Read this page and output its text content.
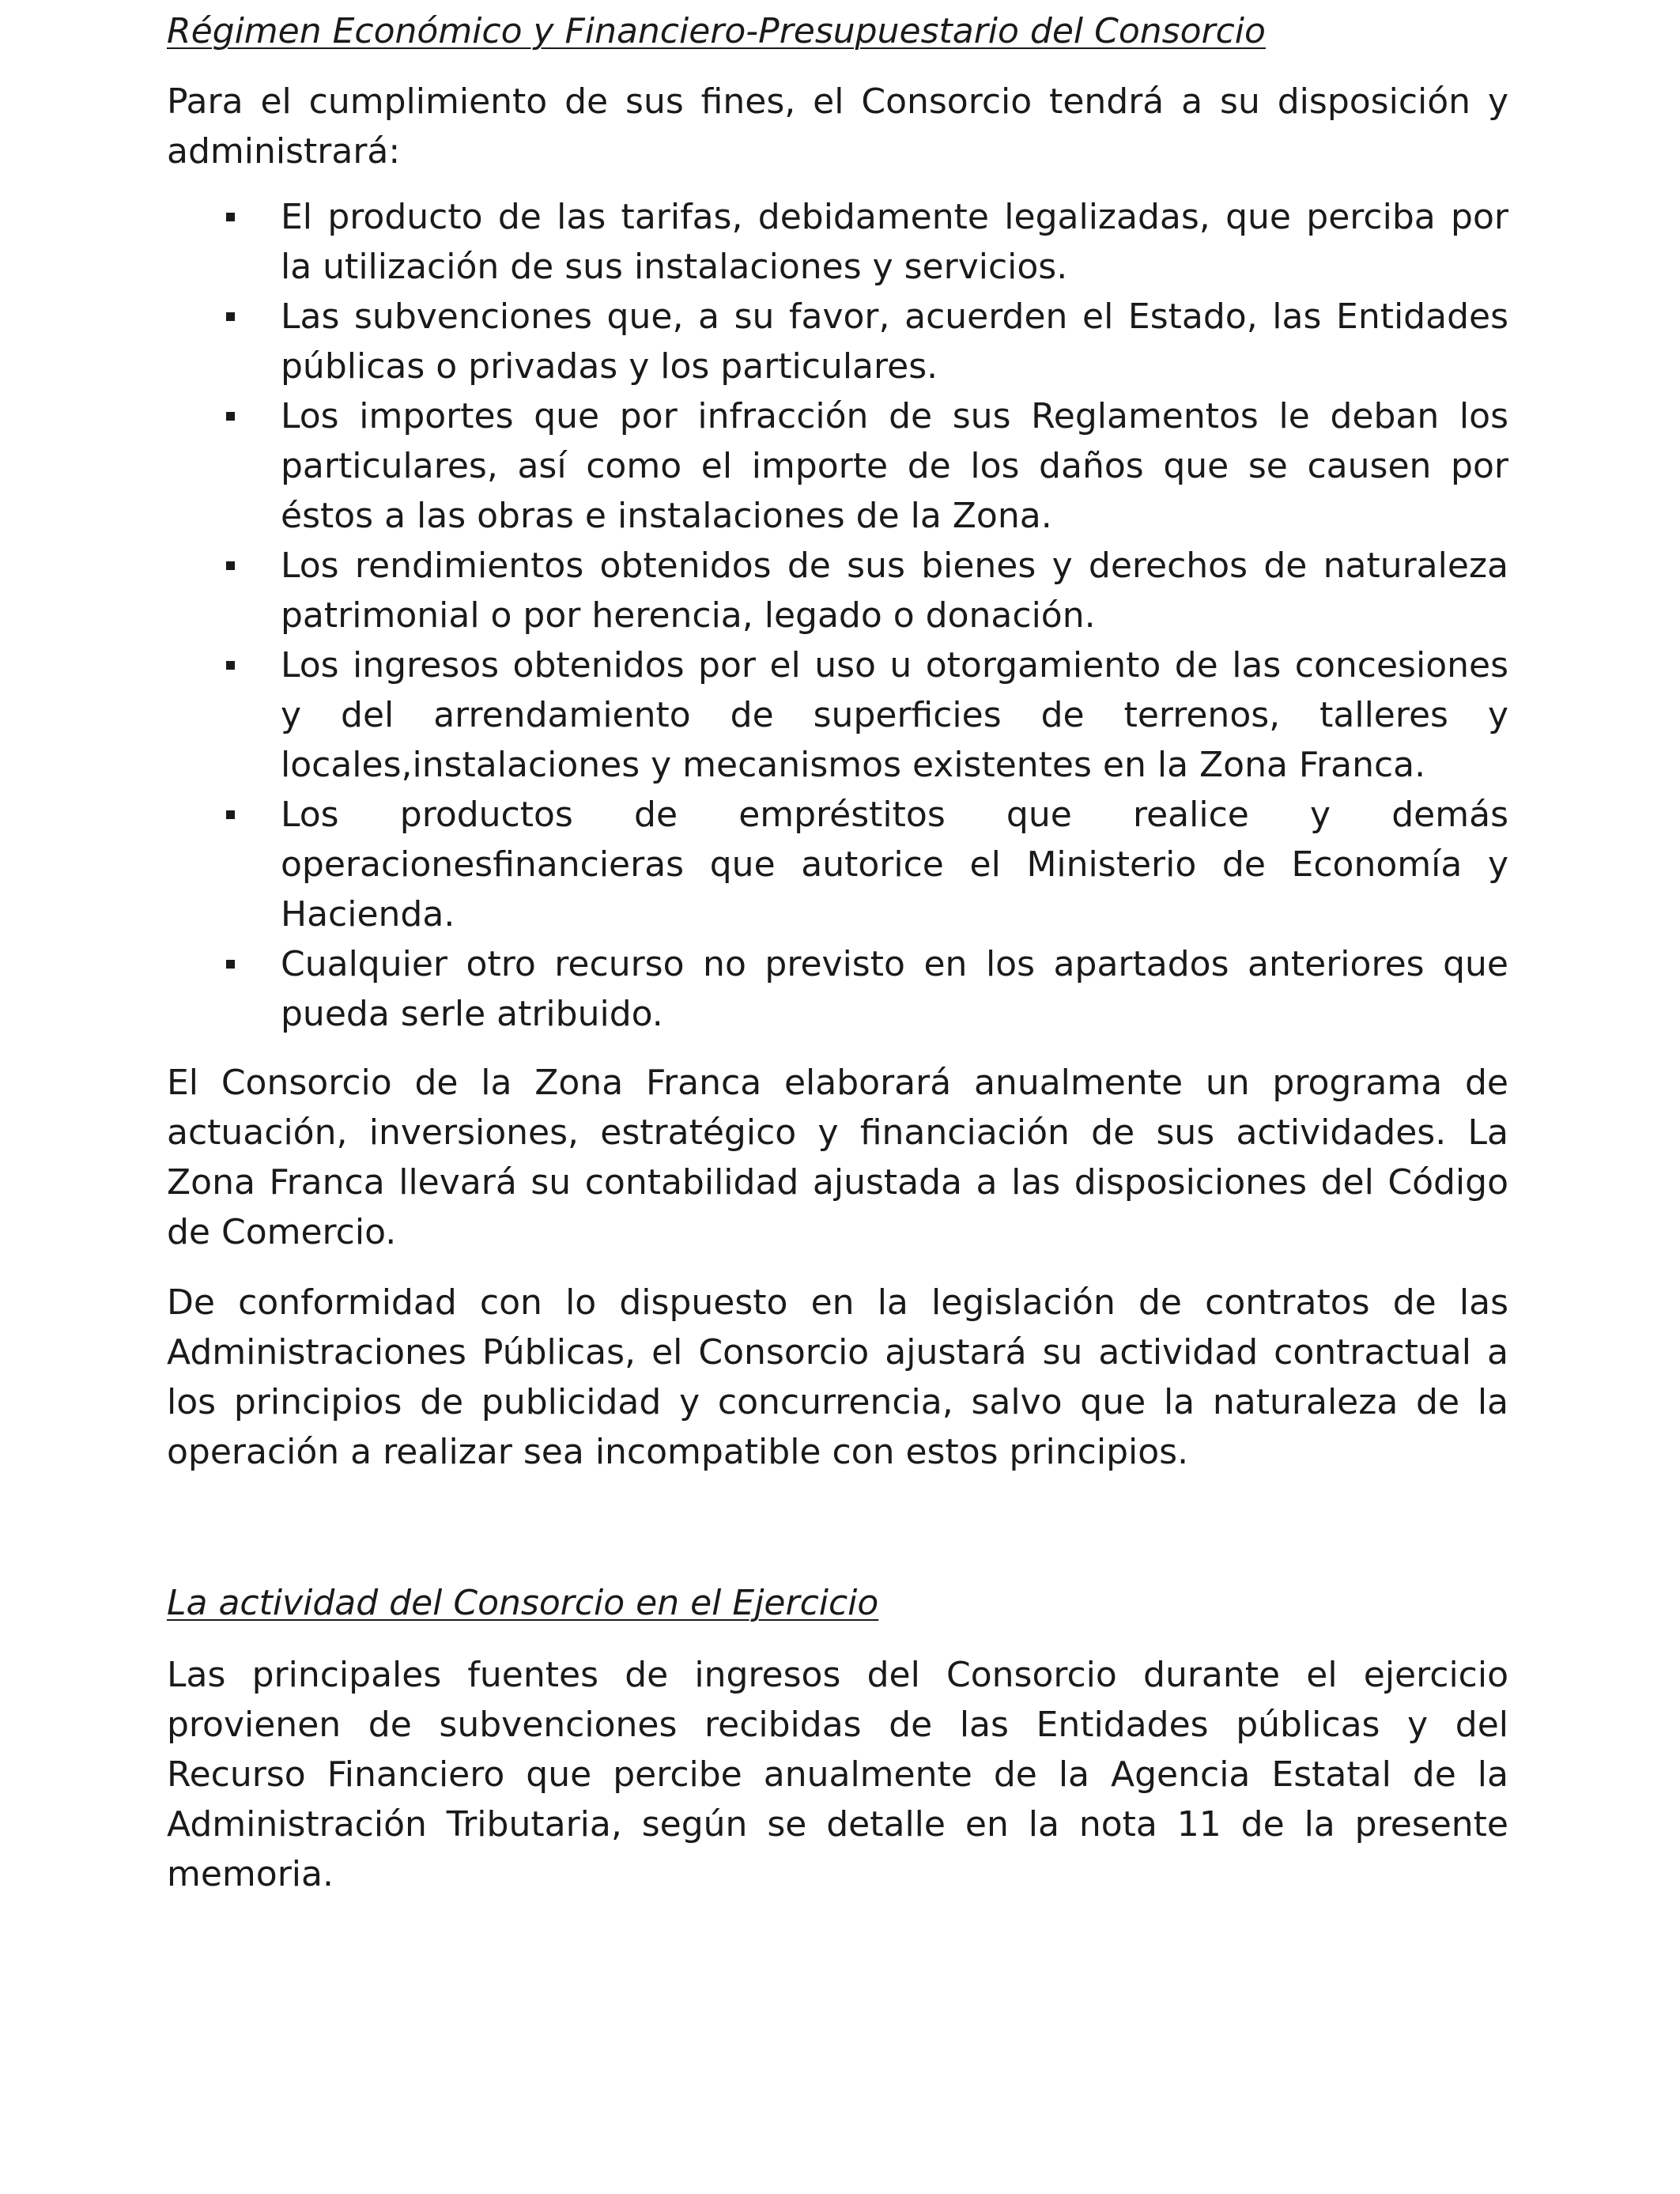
Régimen Económico y Financiero-Presupuestario del Consorcio

Para el cumplimiento de sus fines, el Consorcio tendrá a su disposición y administrará:

El producto de las tarifas, debidamente legalizadas, que perciba por la utilización de sus instalaciones y servicios.
Las subvenciones que, a su favor, acuerden el Estado, las Entidades públicas o privadas y los particulares.
Los importes que por infracción de sus Reglamentos le deban los particulares, así como el importe de los daños que se causen por éstos a las obras e instalaciones de la Zona.
Los rendimientos obtenidos de sus bienes y derechos de naturaleza patrimonial o por herencia, legado o donación.
Los ingresos obtenidos por el uso u otorgamiento de las concesiones y del arrendamiento de superficies de terrenos, talleres y locales,instalaciones y mecanismos existentes en la Zona Franca.
Los productos de empréstitos que realice y demás operacionesfinancieras que autorice el Ministerio de Economía y Hacienda.
Cualquier otro recurso no previsto en los apartados anteriores que pueda serle atribuido.

El Consorcio de la Zona Franca elaborará anualmente un programa de actuación, inversiones, estratégico y financiación de sus actividades. La Zona Franca llevará su contabilidad ajustada a las disposiciones del Código de Comercio.

De conformidad con lo dispuesto en la legislación de contratos de las Administraciones Públicas, el Consorcio ajustará su actividad contractual a los principios de publicidad y concurrencia, salvo que la naturaleza de la operación a realizar sea incompatible con estos principios.

La actividad del Consorcio en el Ejercicio

Las principales fuentes de ingresos del Consorcio durante el ejercicio provienen de subvenciones recibidas de las Entidades públicas y del Recurso Financiero que percibe anualmente de la Agencia Estatal de la Administración Tributaria, según se detalle en la nota 11 de la presente memoria.
